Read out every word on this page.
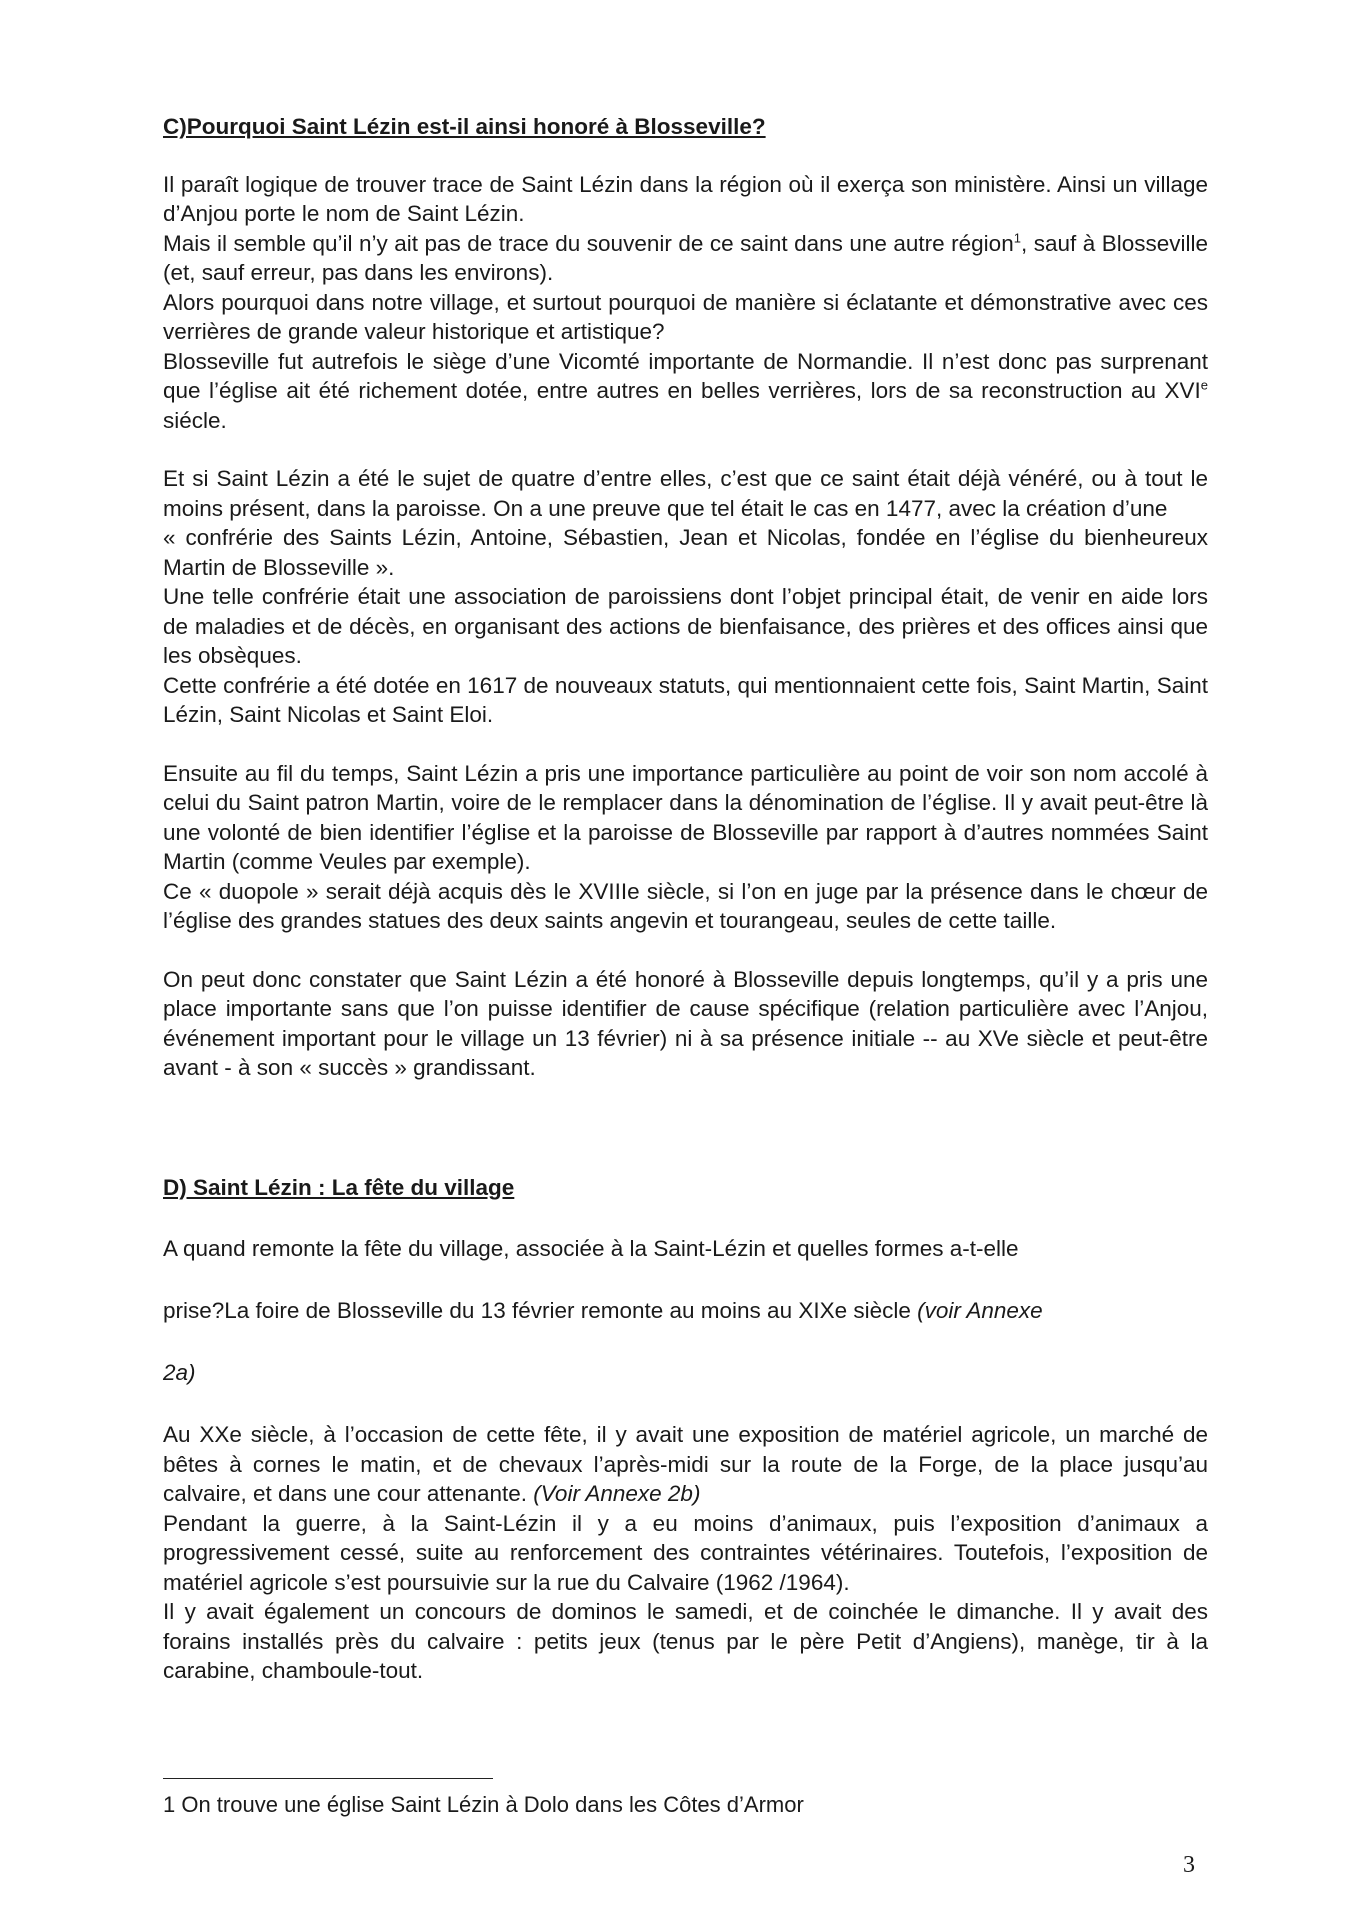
C)Pourquoi Saint Lézin est-il ainsi honoré à Blosseville?

Il paraît logique de trouver trace de Saint Lézin dans la région où il exerça son ministère. Ainsi un village d’Anjou porte le nom de Saint Lézin.

Mais il semble qu’il n’y ait pas de trace du souvenir de ce saint dans une autre région$^1$, sauf à Blosseville (et, sauf erreur, pas dans les environs).

Alors pourquoi dans notre village, et surtout pourquoi de manière si éclatante et démonstrative avec ces verrières de grande valeur historique et artistique?

Blosseville fut autrefois le siège d’une Vicomté importante de Normandie. Il n’est donc pas surprenant que l’église ait été richement dotée, entre autres en belles verrières, lors de sa reconstruction au XVIe siécle.

Et si Saint Lézin a été le sujet de quatre d’entre elles, c’est que ce saint était déjà vénéré, ou à tout le moins présent, dans la paroisse. On a une preuve que tel était le cas en 1477, avec la création d’une

« confrérie des Saints Lézin, Antoine, Sébastien, Jean et Nicolas, fondée en l’église du bienheureux Martin de Blosseville ».

Une telle confrérie était une association de paroissiens dont l’objet principal était, de venir en aide lors de maladies et de décès, en organisant des actions de bienfaisance, des prières et des offices ainsi que les obsèques.

Cette confrérie a été dotée en 1617 de nouveaux statuts, qui mentionnaient cette fois, Saint Martin, Saint Lézin, Saint Nicolas et Saint Eloi.

Ensuite au fil du temps, Saint Lézin a pris une importance particulière au point de voir son nom accolé à celui du Saint patron Martin, voire de le remplacer dans la dénomination de l’église. Il y avait peut‑être là une volonté de bien identifier l’église et la paroisse de Blosseville par rapport à d’autres nommées Saint Martin (comme Veules par exemple).

Ce « duopole » serait déjà acquis dès le XVIIIe siècle, si l’on en juge par la présence dans le chœur de l’église des grandes statues des deux saints angevin et tourangeau, seules de cette taille.

On peut donc constater que Saint Lézin a été honoré à Blosseville depuis longtemps, qu’il y a pris une place importante sans que l’on puisse identifier de cause spécifique (relation particulière avec l’Anjou, événement important pour le village un 13 février) ni à sa présence initiale ‑‑ au XVe siècle et peut‑être avant ‑ à son « succès » grandissant.

D) Saint Lézin : La fête du village

A quand remonte la fête du village, associée à la Saint‑Lézin et quelles formes a‑t‑elle

prise?La foire de Blosseville du 13 février remonte au moins au XIXe siècle (voir Annexe

2a)

Au XXe siècle, à l’occasion de cette fête, il y avait une exposition de matériel agricole, un marché de bêtes à cornes le matin, et de chevaux l’après‑midi sur la route de la Forge, de la place jusqu’au calvaire, et dans une cour attenante. (Voir Annexe 2b)

Pendant la guerre, à la Saint‑Lézin il y a eu moins d’animaux, puis l’exposition d’animaux a progressivement cessé, suite au renforcement des contraintes vétérinaires. Toutefois, l’exposition de matériel agricole s’est poursuivie sur la rue du Calvaire (1962 /1964).

Il y avait également un concours de dominos le samedi, et de coinchée le dimanche. Il y avait des forains installés près du calvaire : petits jeux (tenus par le père Petit d’Angiens), manège, tir à la carabine, chamboule‑tout.

1 On trouve une église Saint Lézin à Dolo dans les Côtes d’Armor
3
